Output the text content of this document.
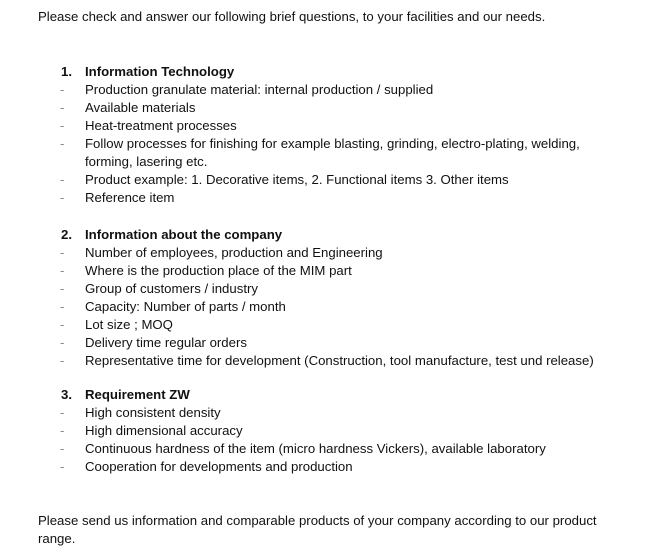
Please check and answer our following brief questions, to your facilities and our needs.

1. Information Technology
- Production granulate material: internal production / supplied
- Available materials
- Heat-treatment processes
- Follow processes for finishing for example blasting, grinding, electro-plating, welding, forming, lasering etc.
- Product example: 1. Decorative items, 2. Functional items 3. Other items
- Reference item
2. Information about the company
- Number of employees, production and Engineering
- Where is the production place of the MIM part
- Group of customers / industry
- Capacity: Number of parts / month
- Lot size ; MOQ
- Delivery time regular orders
- Representative time for development (Construction, tool manufacture, test und release)
3. Requirement ZW
- High consistent density
- High dimensional accuracy
- Continuous hardness of the item (micro hardness Vickers), available laboratory
- Cooperation for developments and production

Please send us information and comparable products of your company according to our product range.
